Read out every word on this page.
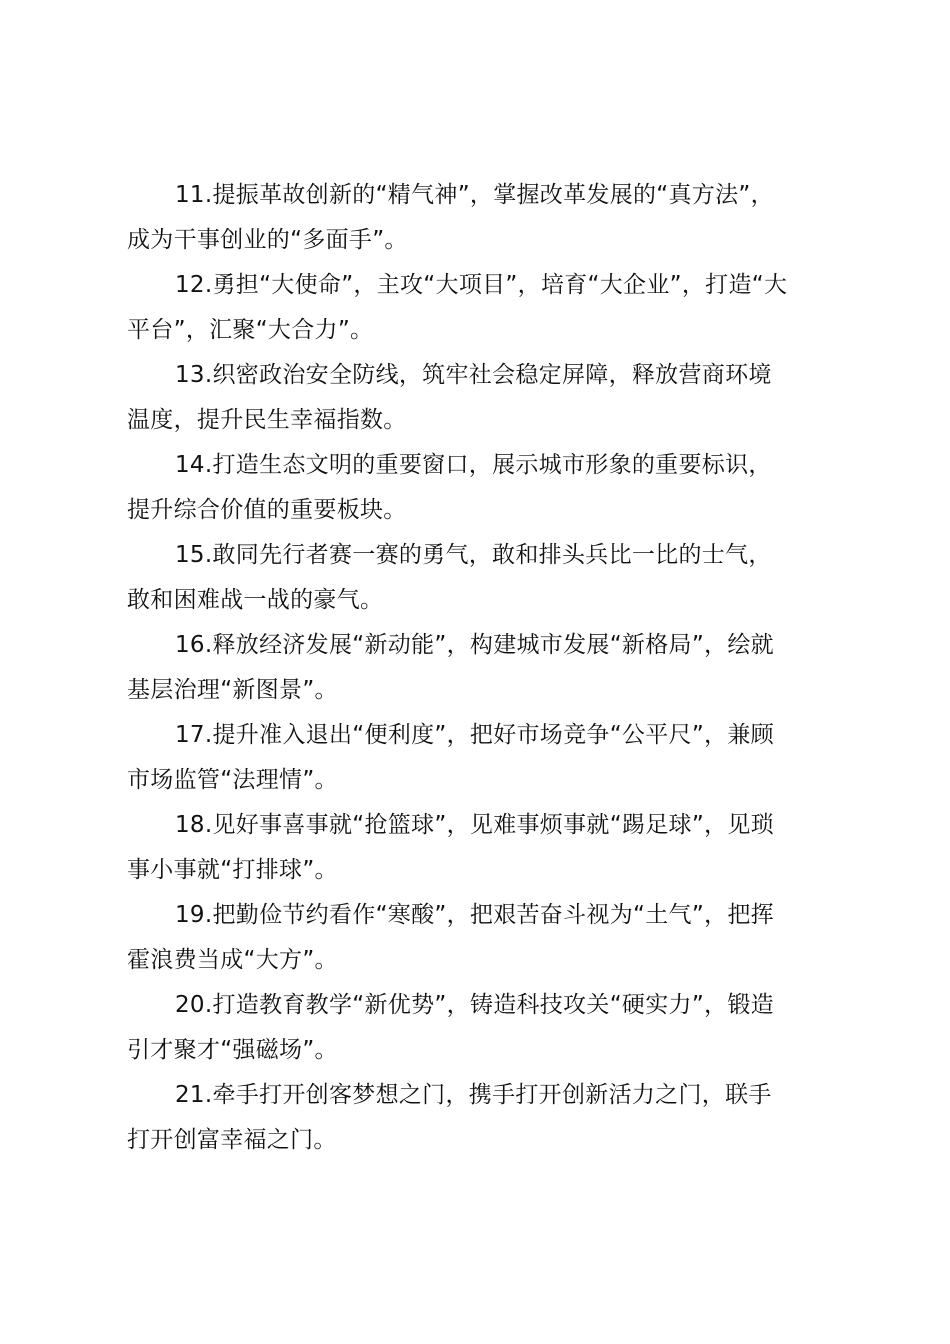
11.提振革故创新的“精气神”，掌握改革发展的“真方法”，
成为干事创业的“多面手”。

12.勇担“大使命”，主攻“大项目”，培育“大企业”，打造“大
平台”，汇聚“大合力”。

13.织密政治安全防线，筑牢社会稳定屏障，释放营商环境
温度，提升民生幸福指数。

14.打造生态文明的重要窗口，展示城市形象的重要标识，
提升综合价值的重要板块。

15.敢同先行者赛一赛的勇气，敢和排头兵比一比的士气，
敢和困难战一战的豪气。

16.释放经济发展“新动能”，构建城市发展“新格局”，绘就
基层治理“新图景”。

17.提升准入退出“便利度”，把好市场竞争“公平尺”，兼顾
市场监管“法理情”。

18.见好事喜事就“抢篮球”，见难事烦事就“踢足球”，见琐
事小事就“打排球”。

19.把勤俭节约看作“寒酸”，把艰苦奋斗视为“土气”，把挥
霍浪费当成“大方”。

20.打造教育教学“新优势”，铸造科技攻关“硬实力”，锻造
引才聚才“强磁场”。

21.牵手打开创客梦想之门，携手打开创新活力之门，联手
打开创富幸福之门。
